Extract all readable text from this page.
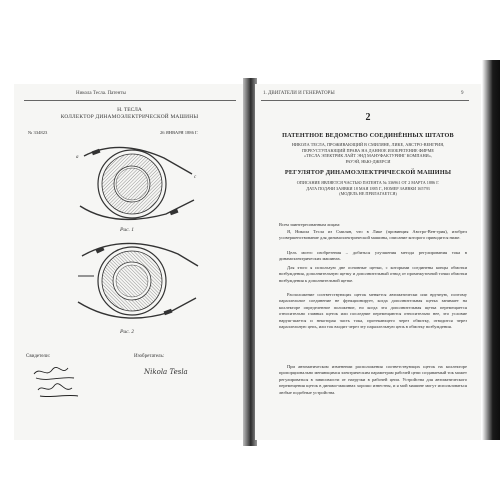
Никола Тесла. Патенты
Н. ТЕСЛА
КОЛЛЕКТОР ДИНАМОЭЛЕКТРИЧЕСКОЙ МАШИНЫ
№ 334823	26 ЯНВАРЯ 1886 Г.
a
c
Рис. 1
Рис. 2
Свидетели:	Изобретатель:
Nikola Tesla
1. ДВИГАТЕЛИ И ГЕНЕРАТОРЫ	9
2
ПАТЕНТНОЕ ВЕДОМСТВО СОЕДИНЁННЫХ ШТАТОВ
НИКОЛА ТЕСЛА, ПРОЖИВАЮЩИЙ В СМИЛЯНЕ, ЛИКЕ, АВСТРО-ВЕНГРИЯ,
ПЕРЕУСТУПАЮЩИЙ ПРАВА НА ДАННОЕ ИЗОБРЕТЕНИЕ ФИРМЕ
«ТЕСЛА ЭЛЕКТРИК ЛАЙТ ЭНД МАНУФАКТУРИНГ КОМПАНИ»,
РАУЭЙ, НЬЮ-ДЖЕРСИ
РЕГУЛЯТОР ДИНАМОЭЛЕКТРИЧЕСКОЙ МАШИНЫ
ОПИСАНИЕ ЯВЛЯЕТСЯ ЧАСТЬЮ ПАТЕНТА № 336961 ОТ 2 МАРТА 1886 Г.
ДАТА ПОДАЧИ ЗАЯВКИ 18 МАЯ 1885 Г., НОМЕР ЗАЯВКИ 165793
(МОДЕЛЬ НЕ ПРИЛАГАЕТСЯ)
Всем заинтересованным лицам:
Я, Никола Тесла из Смилян, что в Лике (провинция Австро-Вен-грия), изобрел усовершенствование для динамоэлектрической машины, описание которого приводится ниже.
Цель моего изобретения – добиться улучшения метода регулирования тока в динамоэлектрических машинах.
Для этого я использую две основные щетки, с которыми соединены концы обмотки возбуждения, дополнительную щетку и дополнительный отвод от промежуточной точки обмотки возбуждения к дополнительной щетке.
Расположение соответствующих щеток меняется автоматически или вручную, поэтому параллельное соединение не функционирует, когда дополнительная щетка занимает на коллекторе определенное положение, но когда эта дополнительная щетка перемещается относительно главных щеток или последние перемещаются относительно нее, это условие наруш-шается и некоторая часть тока, протекающего через обмотку, отводится через параллельную цепь, или ток входит через эту параллельную цепь в обмотку возбуждения.
При автоматическом изменении расположения соответствующих щеток на коллекторе пропорционально меняющимся электрическим параметрам рабочей цепи создаваемый ток может регулироваться в зависимости от нагрузки в рабочей цепи. Устройства для автоматического перемещения щеток в динамо-машинах хорошо известны, и я мой машине могут использоваться любые подобные устройства.
